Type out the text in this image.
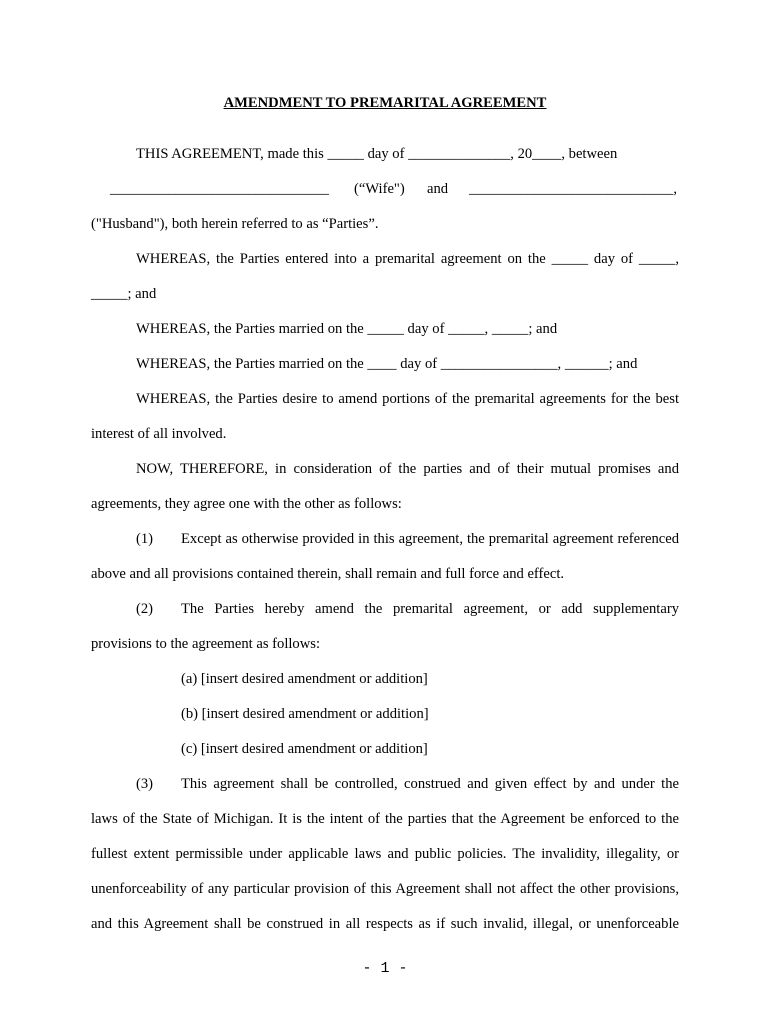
AMENDMENT TO PREMARITAL AGREEMENT
THIS AGREEMENT, made this _____ day of ______________, 20____, between
______________________________ (“Wife") and ____________________________,
("Husband"), both herein referred to as “Parties”.
WHEREAS, the Parties entered into a premarital agreement on the _____ day of _____,
_____; and
WHEREAS, the Parties married on the _____ day of _____, _____; and
WHEREAS, the Parties married on the ____ day of ________________, ______; and
WHEREAS, the Parties desire to amend portions of the premarital agreements for the best
interest of all involved.
NOW, THEREFORE, in consideration of the parties and of their mutual promises and
agreements, they agree one with the other as follows:
(1) Except as otherwise provided in this agreement, the premarital agreement referenced
above and all provisions contained therein, shall remain and full force and effect.
(2) The Parties hereby amend the premarital agreement, or add supplementary
provisions to the agreement as follows:
(a) [insert desired amendment or addition]
(b) [insert desired amendment or addition]
(c) [insert desired amendment or addition]
(3) This agreement shall be controlled, construed and given effect by and under the
laws of the State of Michigan. It is the intent of the parties that the Agreement be enforced to the
fullest extent permissible under applicable laws and public policies. The invalidity, illegality, or
unenforceability of any particular provision of this Agreement shall not affect the other provisions,
and this Agreement shall be construed in all respects as if such invalid, illegal, or unenforceable
- 1 -
